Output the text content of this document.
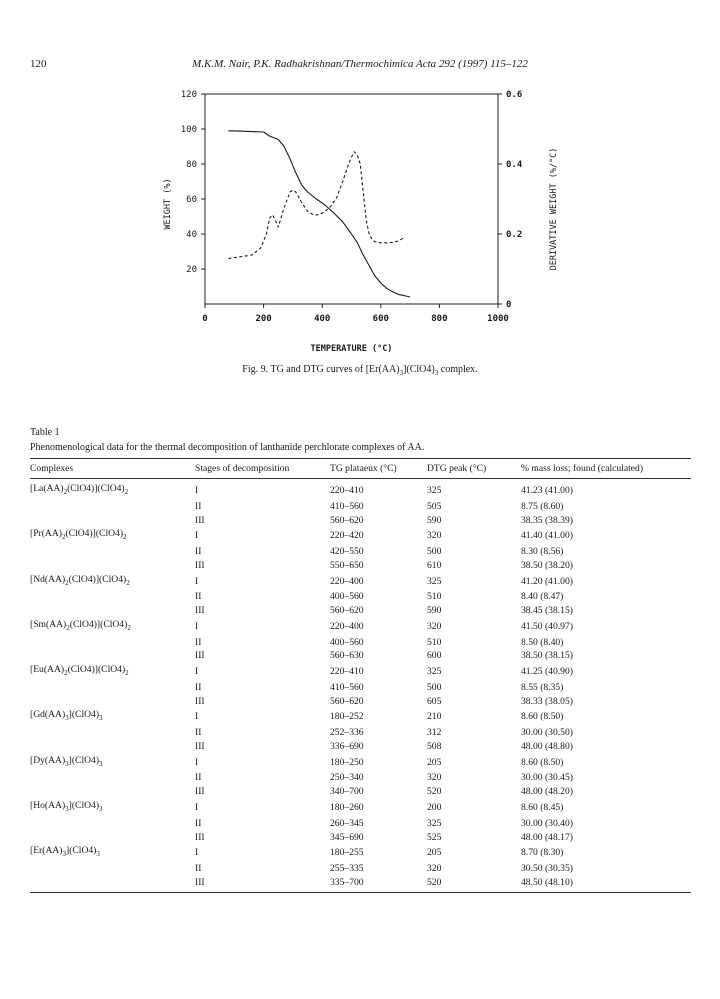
120	M.K.M. Nair, P.K. Radhakrishnan/Thermochimica Acta 292 (1997) 115–122
0	200	400	600	800	1000
20
40
60
80
100
120
0
0.2
0.4
0.6
TEMPERATURE (°C)
WEIGHT (%)	DERIVATIVE WEIGHT (%/°C)
Fig. 9. TG and DTG curves of $[Er(AA)_3](ClO4)_3$ complex.
Table 1
Phenomenological data for the thermal decomposition of lanthanide perchlorate complexes of AA.
Complexes	Stages of decomposition	TG plataeux (°C)	DTG peak (°C)	% mass loss; found (calculated)
$[La(AA)_2(ClO4)](ClO4)_2$	I	220–410	325	41.23 (41.00)
	II	410–560	505	8.75 (8.60)
	III	560–620	590	38.35 (38.39)
$[Pr(AA)_2(ClO4)](ClO4)_2$	I	220–420	320	41.40 (41.00)
	II	420–550	500	8.30 (8.56)
	III	550–650	610	38.50 (38.20)
$[Nd(AA)_2(ClO4)](ClO4)_2$	I	220–400	325	41.20 (41.00)
	II	400–560	510	8.40 (8.47)
	III	560–620	590	38.45 (38.15)
$[Sm(AA)_2(ClO4)](ClO4)_2$	I	220–400	320	41.50 (40.97)
	II	400–560	510	8.50 (8.40)
	III	560–630	600	38.50 (38.15)
$[Eu(AA)_2(ClO4)](ClO4)_2$	I	220–410	325	41.25 (40.90)
	II	410–560	500	8.55 (8.35)
	III	560–620	605	38.33 (38.05)
$[Gd(AA)_3](ClO4)_3$	I	180–252	210	8.60 (8.50)
	II	252–336	312	30.00 (30.50)
	III	336–690	508	48.00 (48.80)
$[Dy(AA)_3](ClO4)_3$	I	180–250	205	8.60 (8.50)
	II	250–340	320	30.00 (30.45)
	III	340–700	520	48.00 (48.20)
$[Ho(AA)_3](ClO4)_3$	I	180–260	200	8.60 (8.45)
	II	260–345	325	30.00 (30.40)
	III	345–690	525	48.00 (48.17)
$[Er(AA)_3](ClO4)_3$	I	180–255	205	8.70 (8.30)
	II	255–335	320	30.50 (30.35)
	III	335–700	520	48.50 (48.10)
